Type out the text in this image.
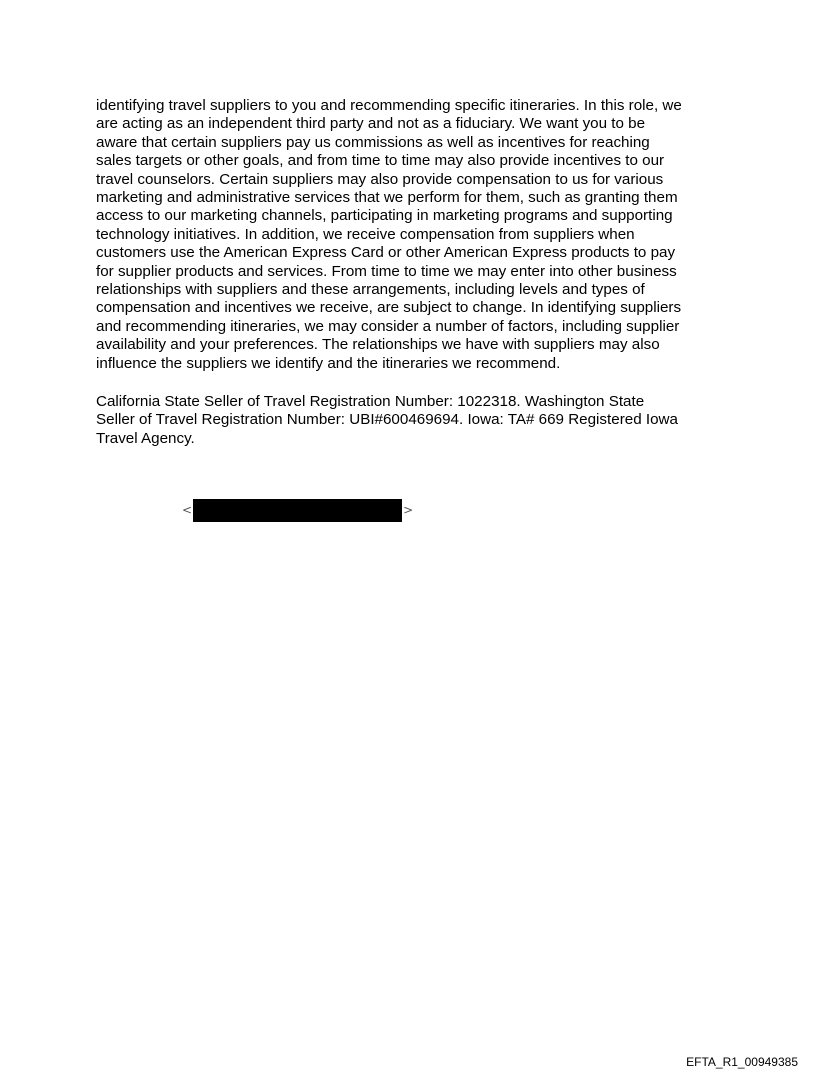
identifying travel suppliers to you and recommending specific itineraries. In this role, we
are acting as an independent third party and not as a fiduciary. We want you to be
aware that certain suppliers pay us commissions as well as incentives for reaching
sales targets or other goals, and from time to time may also provide incentives to our
travel counselors. Certain suppliers may also provide compensation to us for various
marketing and administrative services that we perform for them, such as granting them
access to our marketing channels, participating in marketing programs and supporting
technology initiatives. In addition, we receive compensation from suppliers when
customers use the American Express Card or other American Express products to pay
for supplier products and services. From time to time we may enter into other business
relationships with suppliers and these arrangements, including levels and types of
compensation and incentives we receive, are subject to change. In identifying suppliers
and recommending itineraries, we may consider a number of factors, including supplier
availability and your preferences. The relationships we have with suppliers may also
influence the suppliers we identify and the itineraries we recommend.

California State Seller of Travel Registration Number: 1022318. Washington State
Seller of Travel Registration Number: UBI#600469694. Iowa: TA# 669 Registered Iowa
Travel Agency.

<	>

EFTA_R1_00949385
